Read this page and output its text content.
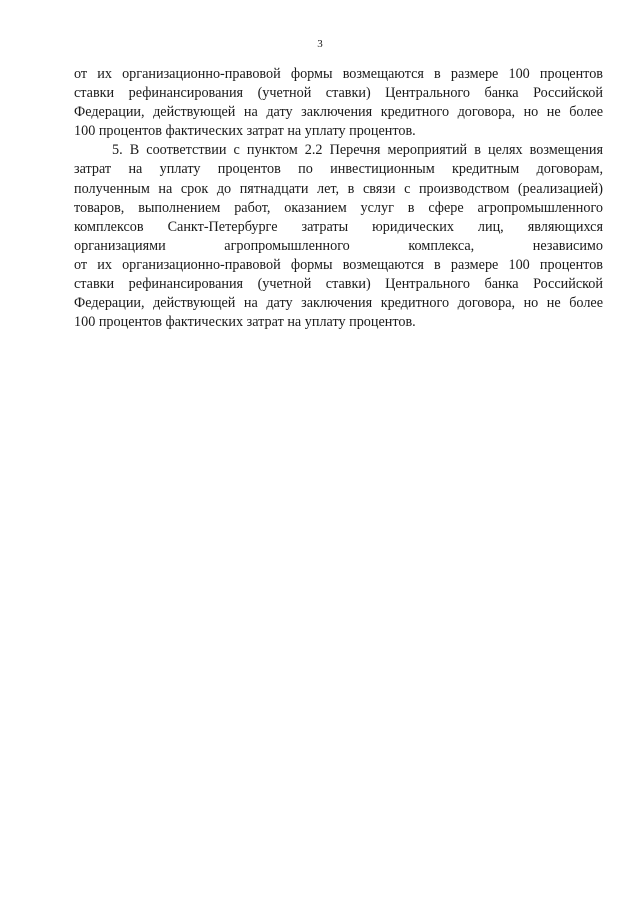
3
от их организационно-правовой формы возмещаются в размере 100 процентов
ставки рефинансирования (учетной ставки) Центрального банка Российской
Федерации, действующей на дату заключения кредитного договора, но не более
100 процентов фактических затрат на уплату процентов.
5. В соответствии с пунктом 2.2 Перечня мероприятий в целях возмещения
затрат на уплату процентов по инвестиционным кредитным договорам,
полученным на срок до пятнадцати лет, в связи с производством (реализацией)
товаров, выполнением работ, оказанием услуг в сфере агропромышленного
комплексов Санкт-Петербурге затраты юридических лиц, являющихся
организациями агропромышленного комплекса, независимо
от их организационно-правовой формы возмещаются в размере 100 процентов
ставки рефинансирования (учетной ставки) Центрального банка Российской
Федерации, действующей на дату заключения кредитного договора, но не более
100 процентов фактических затрат на уплату процентов.
